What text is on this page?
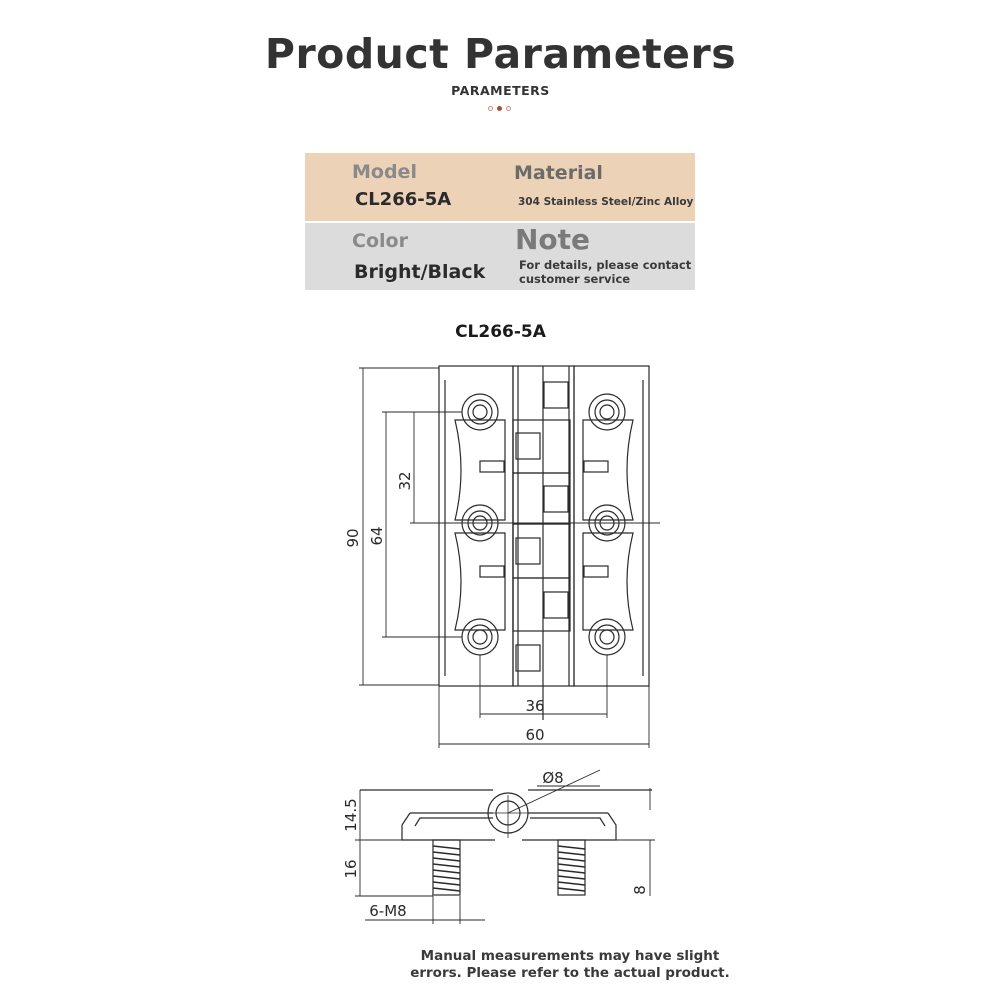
Product Parameters
PARAMETERS
Model
CL266-5A
Material
304 Stainless Steel/Zinc Alloy
Color
Bright/Black
Note
For details, please contact
customer service
CL266-5A
90 64
32
36
60
Ø8
14.5
16
8
6-M8
Manual measurements may have slight
errors. Please refer to the actual product.
